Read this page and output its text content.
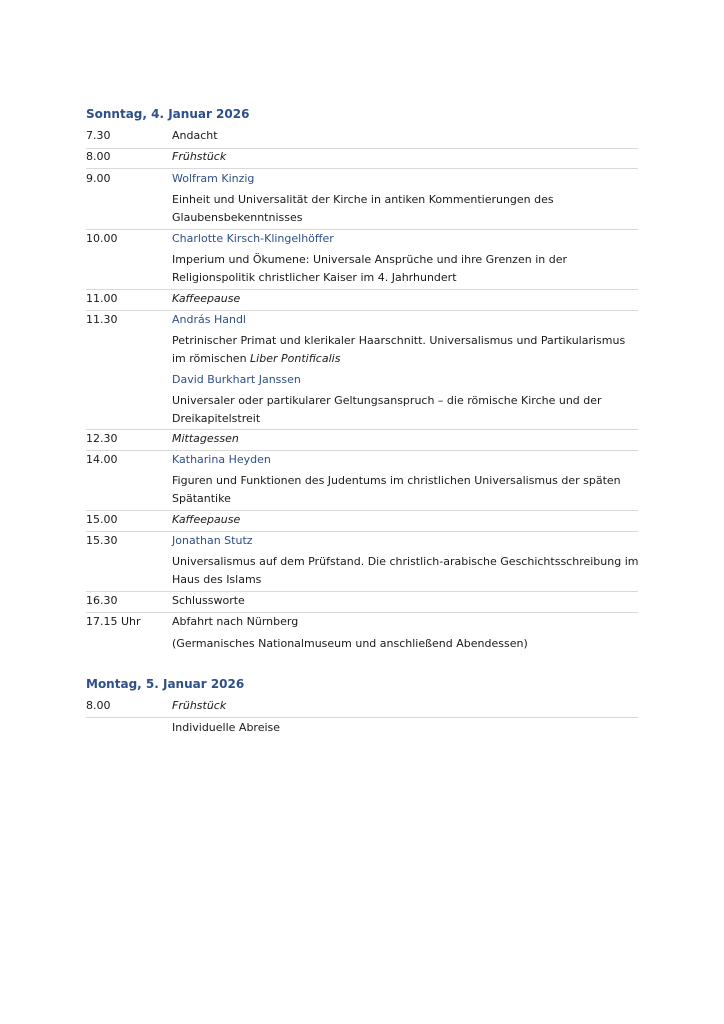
Sonntag, 4. Januar 2026
7.30	Andacht
8.00	Frühstück
9.00	Wolfram Kinzig
Einheit und Universalität der Kirche in antiken Kommentierungen des Glaubensbekenntnisses
10.00	Charlotte Kirsch-Klingelhöffer
Imperium und Ökumene: Universale Ansprüche und ihre Grenzen in der Religionspolitik christlicher Kaiser im 4. Jahrhundert
11.00	Kaffeepause
11.30	András Handl
Petrinischer Primat und klerikaler Haarschnitt. Universalismus und Partikularismus im römischen Liber Pontificalis
David Burkhart Janssen
Universaler oder partikularer Geltungsanspruch – die römische Kirche und der Dreikapitelstreit
12.30	Mittagessen
14.00	Katharina Heyden
Figuren und Funktionen des Judentums im christlichen Universalismus der späten Spätantike
15.00	Kaffeepause
15.30	Jonathan Stutz
Universalismus auf dem Prüfstand. Die christlich-arabische Geschichtsschreibung im Haus des Islams
16.30	Schlussworte
17.15 Uhr	Abfahrt nach Nürnberg
(Germanisches Nationalmuseum und anschließend Abendessen)
Montag, 5. Januar 2026
8.00	Frühstück
Individuelle Abreise
